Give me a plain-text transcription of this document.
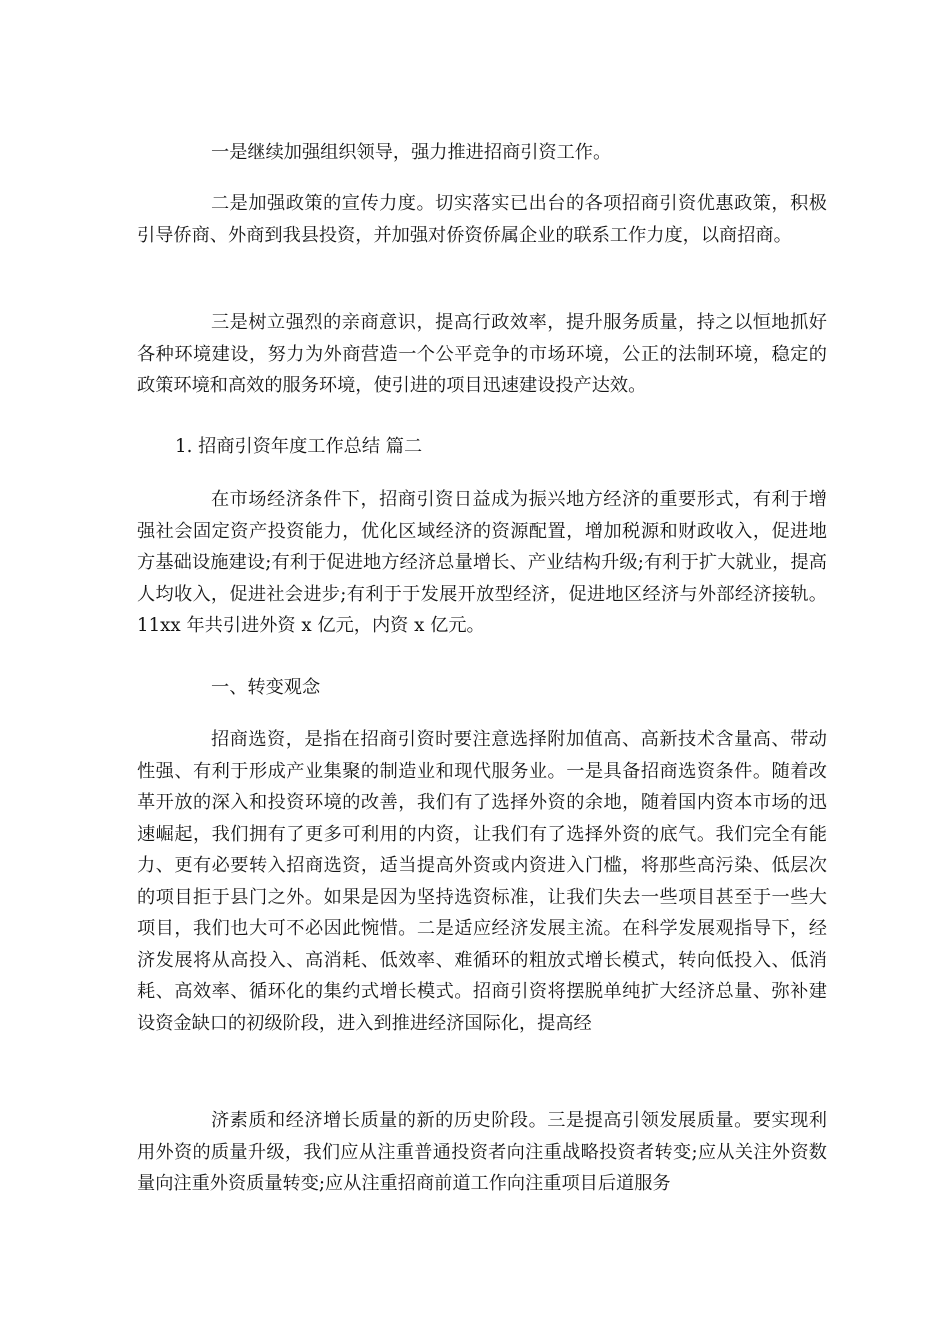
一是继续加强组织领导，强力推进招商引资工作。

二是加强政策的宣传力度。切实落实已出台的各项招商引资优惠政策，积极引导侨商、外商到我县投资，并加强对侨资侨属企业的联系工作力度，以商招商。

三是树立强烈的亲商意识，提高行政效率，提升服务质量，持之以恒地抓好各种环境建设，努力为外商营造一个公平竞争的市场环境，公正的法制环境，稳定的政策环境和高效的服务环境，使引进的项目迅速建设投产达效。

1. 招商引资年度工作总结 篇二

在市场经济条件下，招商引资日益成为振兴地方经济的重要形式，有利于增强社会固定资产投资能力，优化区域经济的资源配置，增加税源和财政收入，促进地方基础设施建设;有利于促进地方经济总量增长、产业结构升级;有利于扩大就业，提高人均收入，促进社会进步;有利于于发展开放型经济，促进地区经济与外部经济接轨。11xx 年共引进外资 x 亿元，内资 x 亿元。

一、转变观念

招商选资，是指在招商引资时要注意选择附加值高、高新技术含量高、带动性强、有利于形成产业集聚的制造业和现代服务业。一是具备招商选资条件。随着改革开放的深入和投资环境的改善，我们有了选择外资的余地，随着国内资本市场的迅速崛起，我们拥有了更多可利用的内资，让我们有了选择外资的底气。我们完全有能力、更有必要转入招商选资，适当提高外资或内资进入门槛，将那些高污染、低层次的项目拒于县门之外。如果是因为坚持选资标准，让我们失去一些项目甚至于一些大项目，我们也大可不必因此惋惜。二是适应经济发展主流。在科学发展观指导下，经济发展将从高投入、高消耗、低效率、难循环的粗放式增长模式，转向低投入、低消耗、高效率、循环化的集约式增长模式。招商引资将摆脱单纯扩大经济总量、弥补建设资金缺口的初级阶段，进入到推进经济国际化，提高经

济素质和经济增长质量的新的历史阶段。三是提高引领发展质量。要实现利用外资的质量升级，我们应从注重普通投资者向注重战略投资者转变;应从关注外资数量向注重外资质量转变;应从注重招商前道工作向注重项目后道服务
